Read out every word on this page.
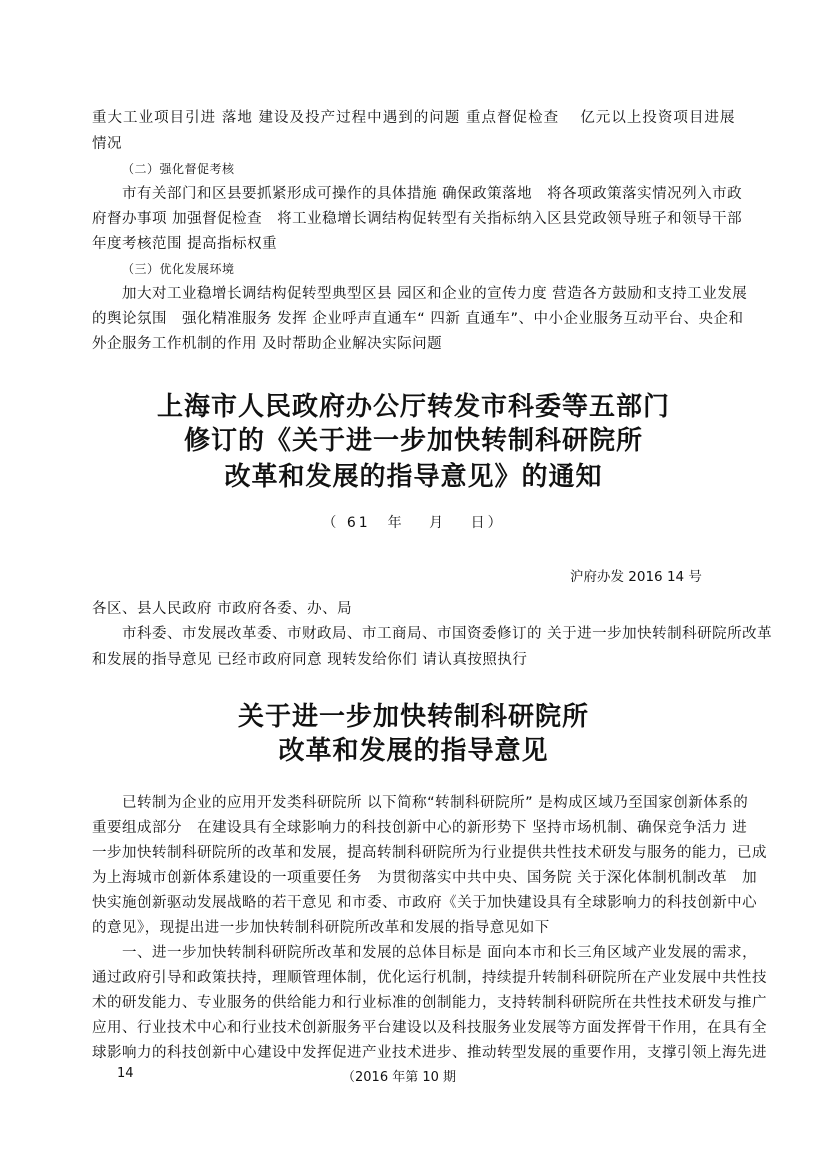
重大工业项目引进 落地 建设及投产过程中遇到的问题 重点督促检查　 亿元以上投资项目进展
情况
（二）强化督促考核
市有关部门和区县要抓紧形成可操作的具体措施 确保政策落地　将各项政策落实情况列入市政
府督办事项 加强督促检查　将工业稳增长调结构促转型有关指标纳入区县党政领导班子和领导干部
年度考核范围 提高指标权重
（三）优化发展环境
加大对工业稳增长调结构促转型典型区县 园区和企业的宣传力度 营造各方鼓励和支持工业发展
的舆论氛围　强化精准服务 发挥 企业呼声直通车“ 四新 直通车”、中小企业服务互动平台、央企和
外企服务工作机制的作用 及时帮助企业解决实际问题
上海市人民政府办公厅转发市科委等五部门
修订的《关于进一步加快转制科研院所
改革和发展的指导意见》的通知
（ 61　年　 月　 日）
沪府办发 2016 14 号
各区、县人民政府 市政府各委、办、局
市科委、市发展改革委、市财政局、市工商局、市国资委修订的 关于进一步加快转制科研院所改革
和发展的指导意见 已经市政府同意 现转发给你们 请认真按照执行
关于进一步加快转制科研院所
改革和发展的指导意见
已转制为企业的应用开发类科研院所 以下简称“转制科研院所” 是构成区域乃至国家创新体系的
重要组成部分　在建设具有全球影响力的科技创新中心的新形势下 坚持市场机制、确保竞争活力 进
一步加快转制科研院所的改革和发展，提高转制科研院所为行业提供共性技术研发与服务的能力，已成
为上海城市创新体系建设的一项重要任务　为贯彻落实中共中央、国务院 关于深化体制机制改革　加
快实施创新驱动发展战略的若干意见 和市委、市政府《关于加快建设具有全球影响力的科技创新中心
的意见》，现提出进一步加快转制科研院所改革和发展的指导意见如下
一、进一步加快转制科研院所改革和发展的总体目标是 面向本市和长三角区域产业发展的需求，
通过政府引导和政策扶持，理顺管理体制，优化运行机制，持续提升转制科研院所在产业发展中共性技
术的研发能力、专业服务的供给能力和行业标准的创制能力，支持转制科研院所在共性技术研发与推广
应用、行业技术中心和行业技术创新服务平台建设以及科技服务业发展等方面发挥骨干作用，在具有全
球影响力的科技创新中心建设中发挥促进产业技术进步、推动转型发展的重要作用，支撑引领上海先进
14	（2016 年第 10 期
